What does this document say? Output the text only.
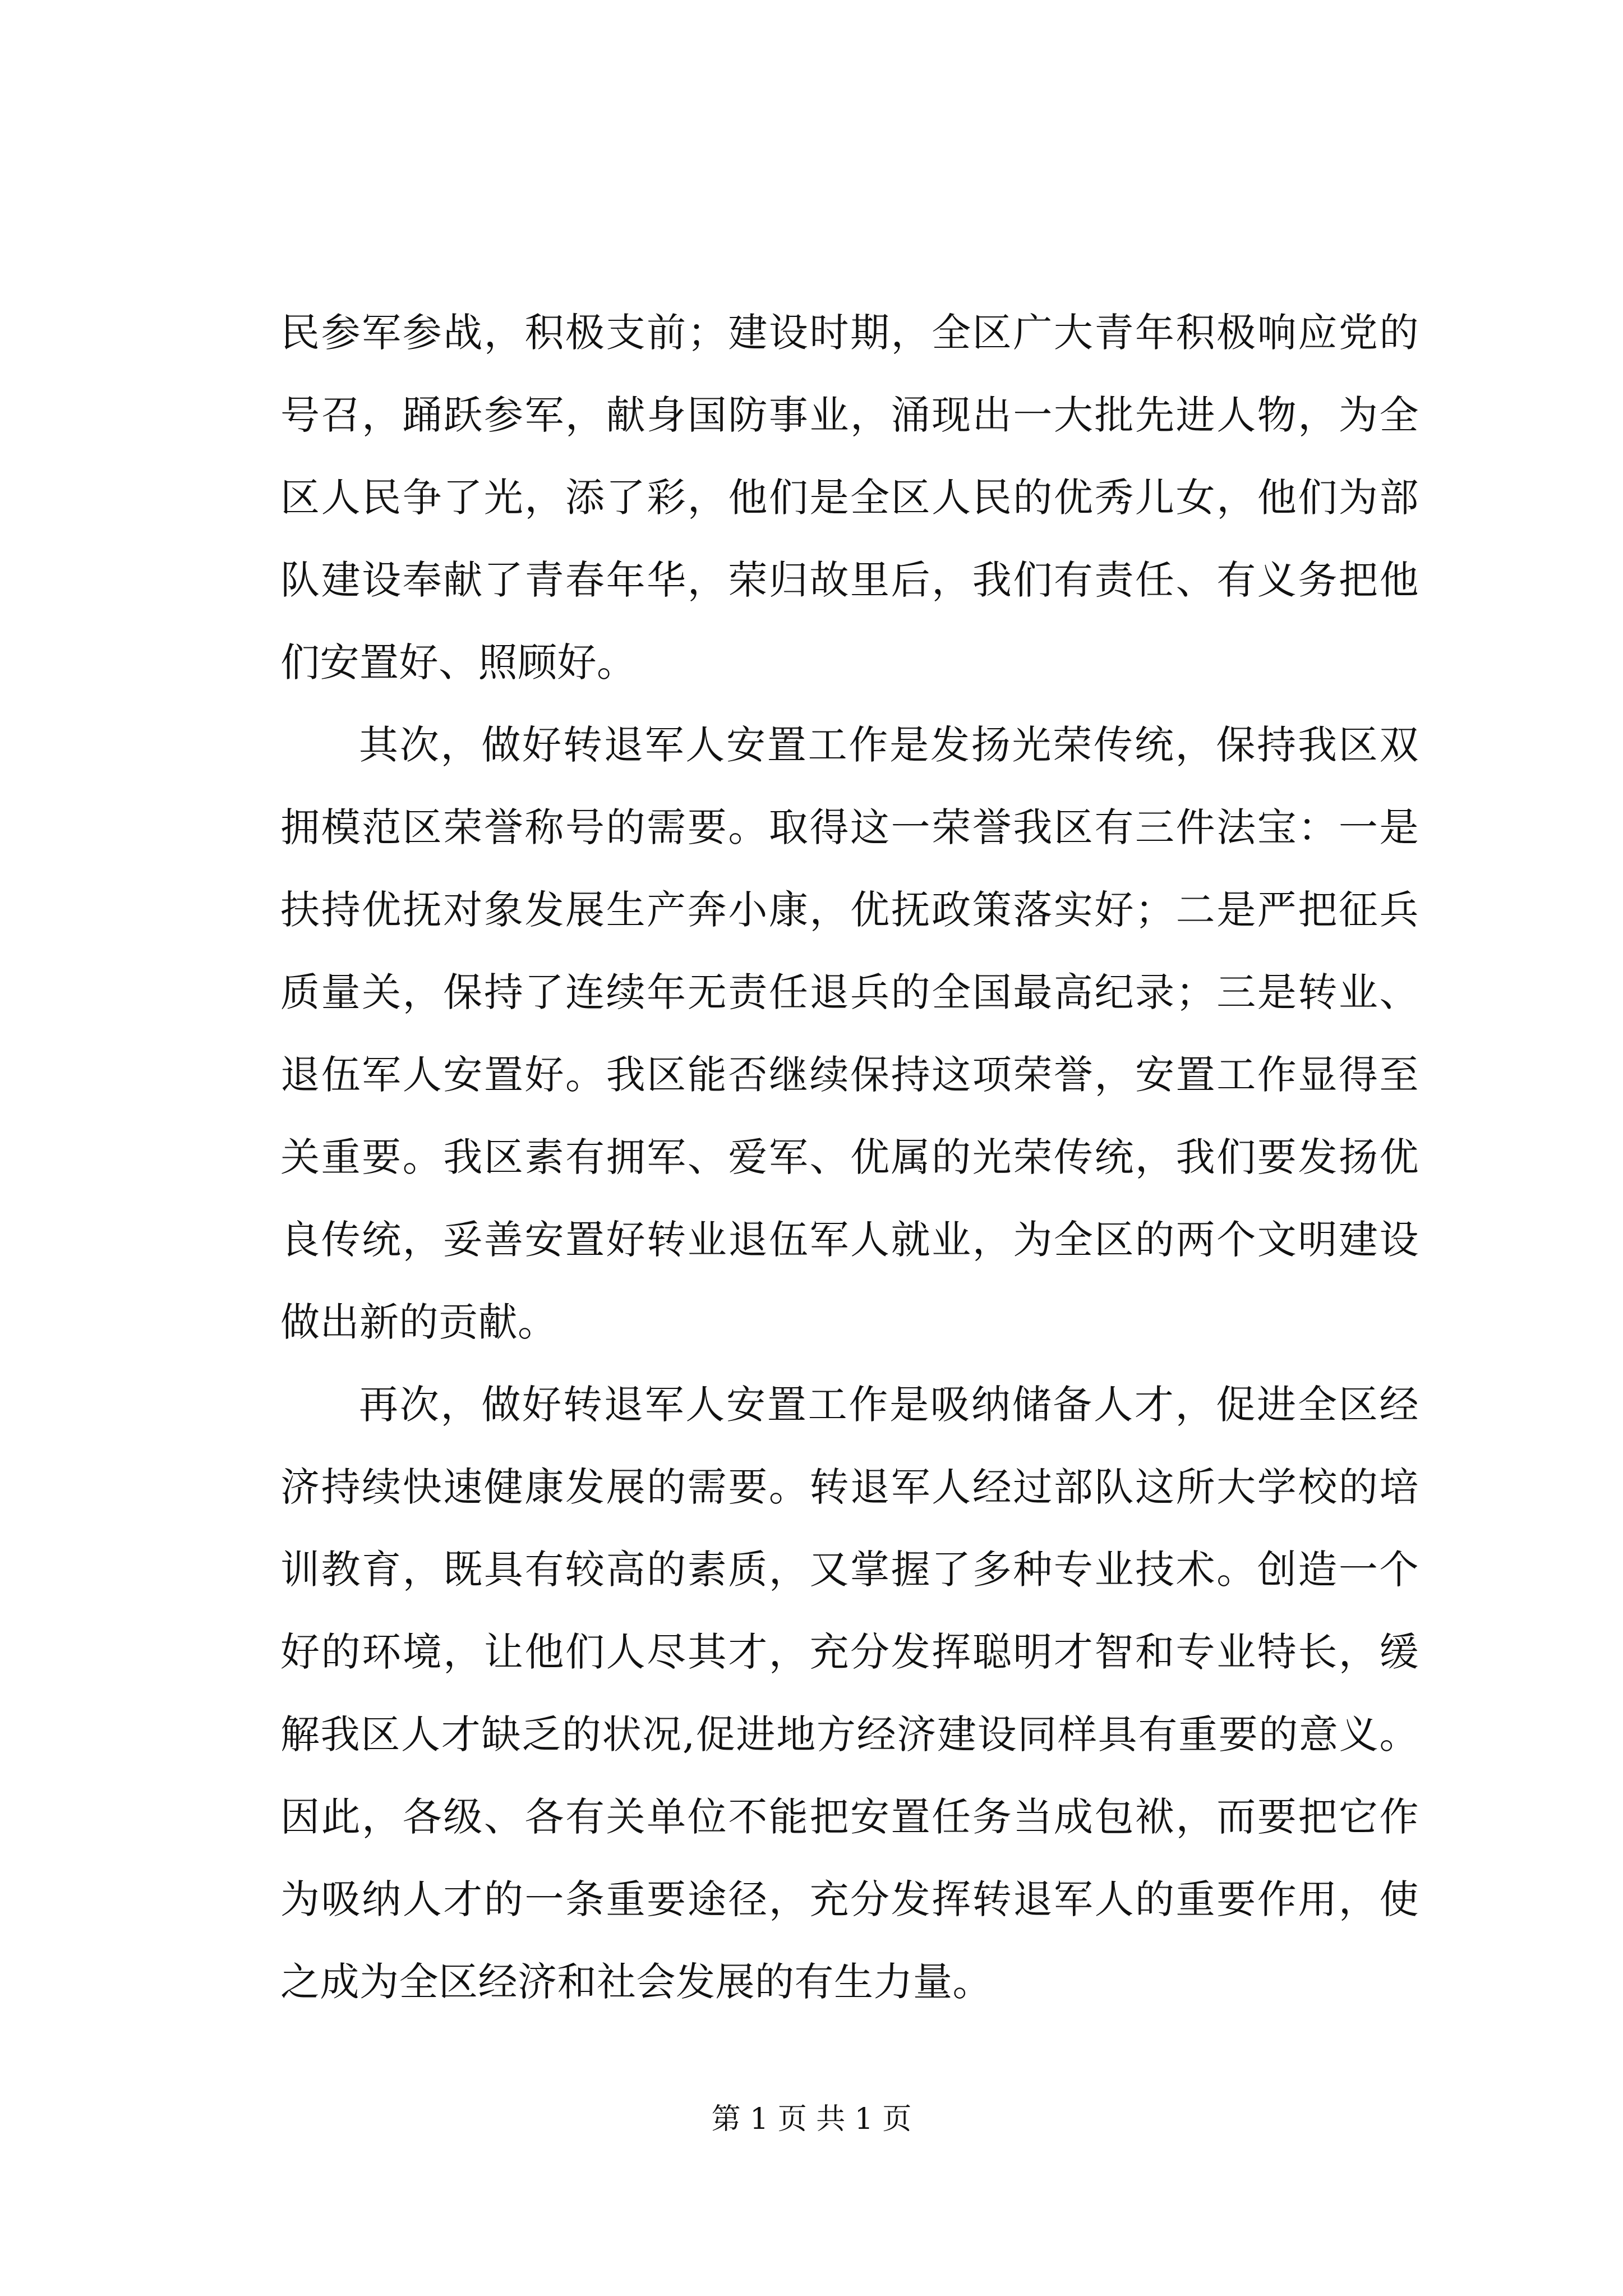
民参军参战，积极支前；建设时期，全区广大青年积极响应党的号召，踊跃参军，献身国防事业，涌现出一大批先进人物，为全区人民争了光，添了彩，他们是全区人民的优秀儿女，他们为部队建设奉献了青春年华，荣归故里后，我们有责任、有义务把他们安置好、照顾好。

其次，做好转退军人安置工作是发扬光荣传统，保持我区双拥模范区荣誉称号的需要。取得这一荣誉我区有三件法宝：一是扶持优抚对象发展生产奔小康，优抚政策落实好；二是严把征兵质量关，保持了连续年无责任退兵的全国最高纪录；三是转业、退伍军人安置好。我区能否继续保持这项荣誉，安置工作显得至关重要。我区素有拥军、爱军、优属的光荣传统，我们要发扬优良传统，妥善安置好转业退伍军人就业，为全区的两个文明建设做出新的贡献。

再次，做好转退军人安置工作是吸纳储备人才，促进全区经济持续快速健康发展的需要。转退军人经过部队这所大学校的培训教育，既具有较高的素质，又掌握了多种专业技术。创造一个好的环境，让他们人尽其才，充分发挥聪明才智和专业特长，缓解我区人才缺乏的状况,促进地方经济建设同样具有重要的意义。因此，各级、各有关单位不能把安置任务当成包袱，而要把它作为吸纳人才的一条重要途径，充分发挥转退军人的重要作用，使之成为全区经济和社会发展的有生力量。

第 1 页 共 1 页
